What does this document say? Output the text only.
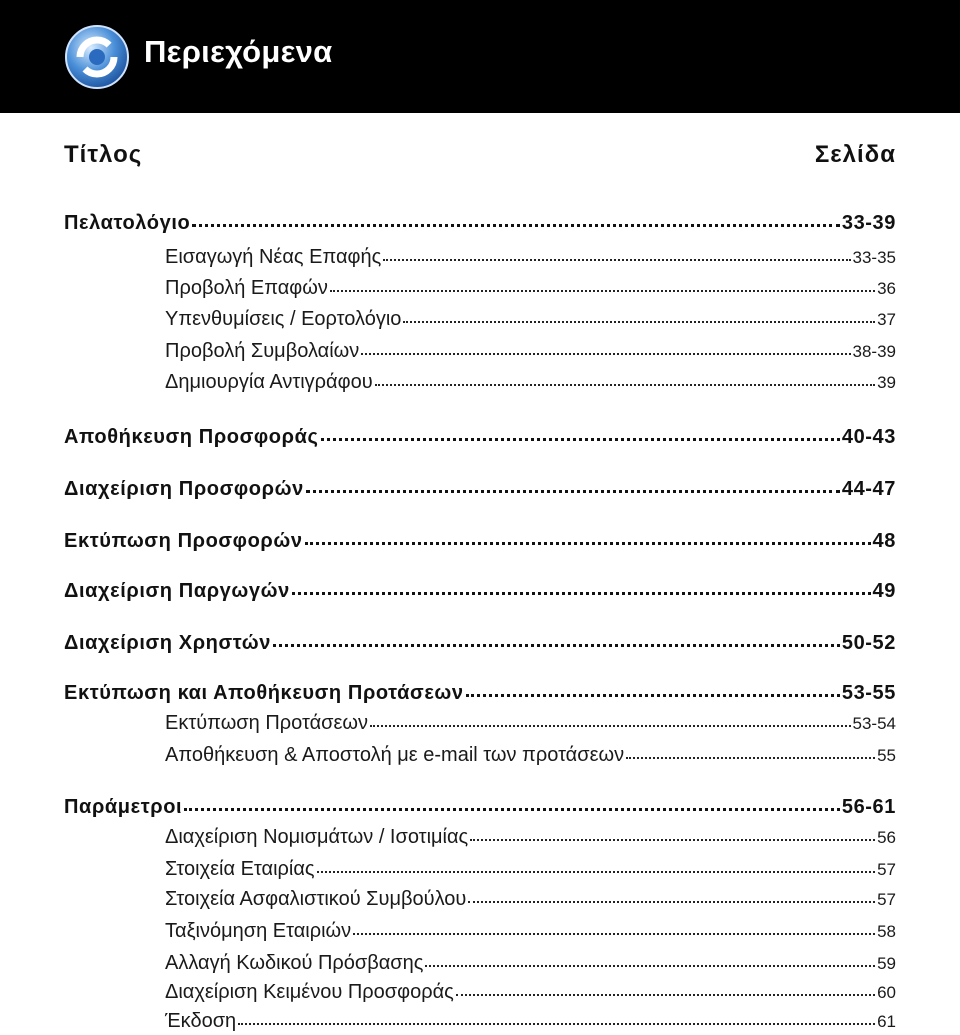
Περιεχόμενα
Τίτλος	Σελίδα
Πελατολόγιο	33-39
Εισαγωγή Νέας Επαφής	33-35
Προβολή Επαφών	36
Υπενθυμίσεις / Εορτολόγιο	37
Προβολή Συμβολαίων	38-39
Δημιουργία Αντιγράφου	39
Αποθήκευση Προσφοράς	40-43
Διαχείριση Προσφορών	44-47
Εκτύπωση Προσφορών	48
Διαχείριση Παργωγών	49
Διαχείριση Χρηστών	50-52
Εκτύπωση και Αποθήκευση Προτάσεων	53-55
Εκτύπωση Προτάσεων	53-54
Αποθήκευση & Αποστολή με e-mail των προτάσεων	55
Παράμετροι	56-61
Διαχείριση Νομισμάτων / Ισοτιμίας	56
Στοιχεία Εταιρίας	57
Στοιχεία Ασφαλιστικού Συμβούλου	57
Ταξινόμηση Εταιριών	58
Αλλαγή Κωδικού Πρόσβασης	59
Διαχείριση Κειμένου Προσφοράς	60
Έκδοση	61
